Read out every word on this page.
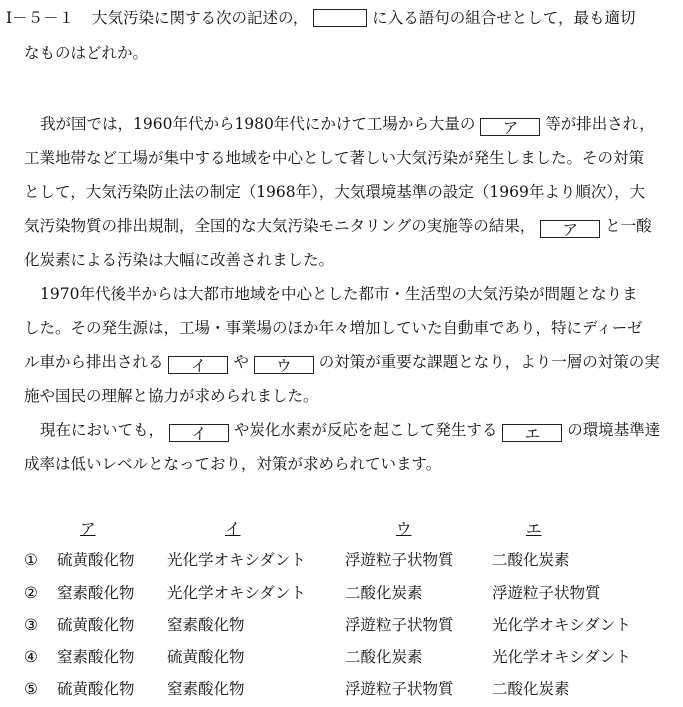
Ⅰ－５－１ 大気汚染に関する次の記述の，	に入る語句の組合せとして，最も適切
なものはどれか。
我が国では，1960年代から1980年代にかけて工場から大量の ア 等が排出され，
工業地帯など工場が集中する地域を中心として著しい大気汚染が発生しました。その対策
として，大気汚染防止法の制定（1968年），大気環境基準の設定（1969年より順次），大
気汚染物質の排出規制，全国的な大気汚染モニタリングの実施等の結果， ア と一酸
化炭素による汚染は大幅に改善されました。
1970年代後半からは大都市地域を中心とした都市・生活型の大気汚染が問題となりま
した。その発生源は，工場・事業場のほか年々増加していた自動車であり，特にディーゼ
ル車から排出される イ や ウ の対策が重要な課題となり，より一層の対策の実
施や国民の理解と協力が求められました。
現在においても， イ や炭化水素が反応を起こして発生する エ の環境基準達
成率は低いレベルとなっており，対策が求められています。
ア	イ	ウ	エ
① 硫黄酸化物 光化学オキシダント	浮遊粒子状物質 二酸化炭素
② 窒素酸化物 光化学オキシダント	二酸化炭素	浮遊粒子状物質
③ 硫黄酸化物 窒素酸化物	浮遊粒子状物質 光化学オキシダント
④ 窒素酸化物 硫黄酸化物	二酸化炭素	光化学オキシダント
⑤ 硫黄酸化物 窒素酸化物	浮遊粒子状物質 二酸化炭素
